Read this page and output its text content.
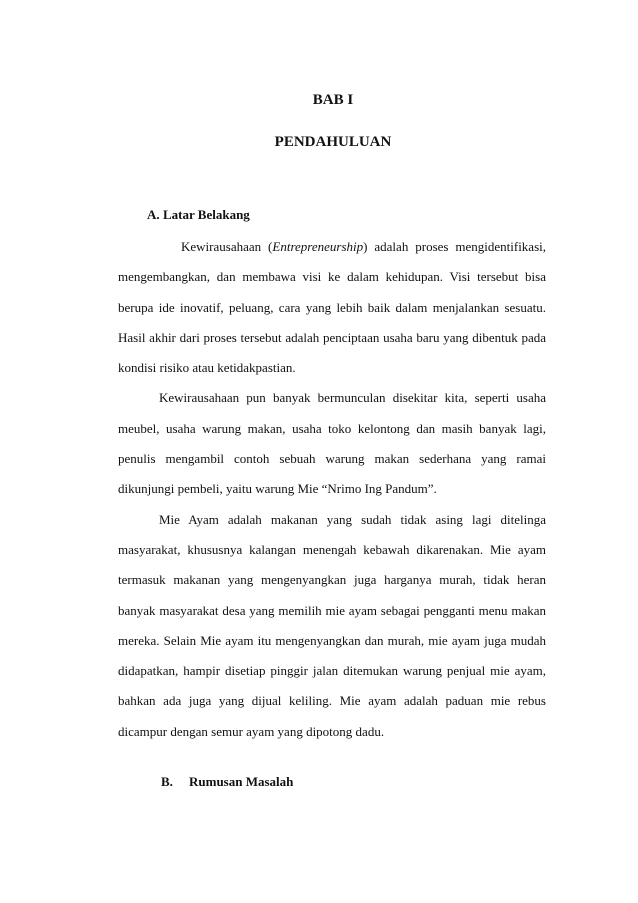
BAB I
PENDAHULUAN
A. Latar Belakang

Kewirausahaan (Entrepreneurship) adalah proses mengidentifikasi, mengembangkan, dan membawa visi ke dalam kehidupan. Visi tersebut bisa berupa ide inovatif, peluang, cara yang lebih baik dalam menjalankan sesuatu. Hasil akhir dari proses tersebut adalah penciptaan usaha baru yang dibentuk pada kondisi risiko atau ketidakpastian.

Kewirausahaan pun banyak bermunculan disekitar kita, seperti usaha meubel, usaha warung makan, usaha toko kelontong dan masih banyak lagi, penulis mengambil contoh sebuah warung makan sederhana yang ramai dikunjungi pembeli, yaitu warung Mie “Nrimo Ing Pandum”.

Mie Ayam adalah makanan yang sudah tidak asing lagi ditelinga masyarakat, khususnya kalangan menengah kebawah dikarenakan. Mie ayam termasuk makanan yang mengenyangkan juga harganya murah, tidak heran banyak masyarakat desa yang memilih mie ayam sebagai pengganti menu makan mereka. Selain Mie ayam itu mengenyangkan dan murah, mie ayam juga mudah didapatkan, hampir disetiap pinggir jalan ditemukan warung penjual mie ayam, bahkan ada juga yang dijual keliling. Mie ayam adalah paduan mie rebus dicampur dengan semur ayam yang dipotong dadu.

B. Rumusan Masalah
